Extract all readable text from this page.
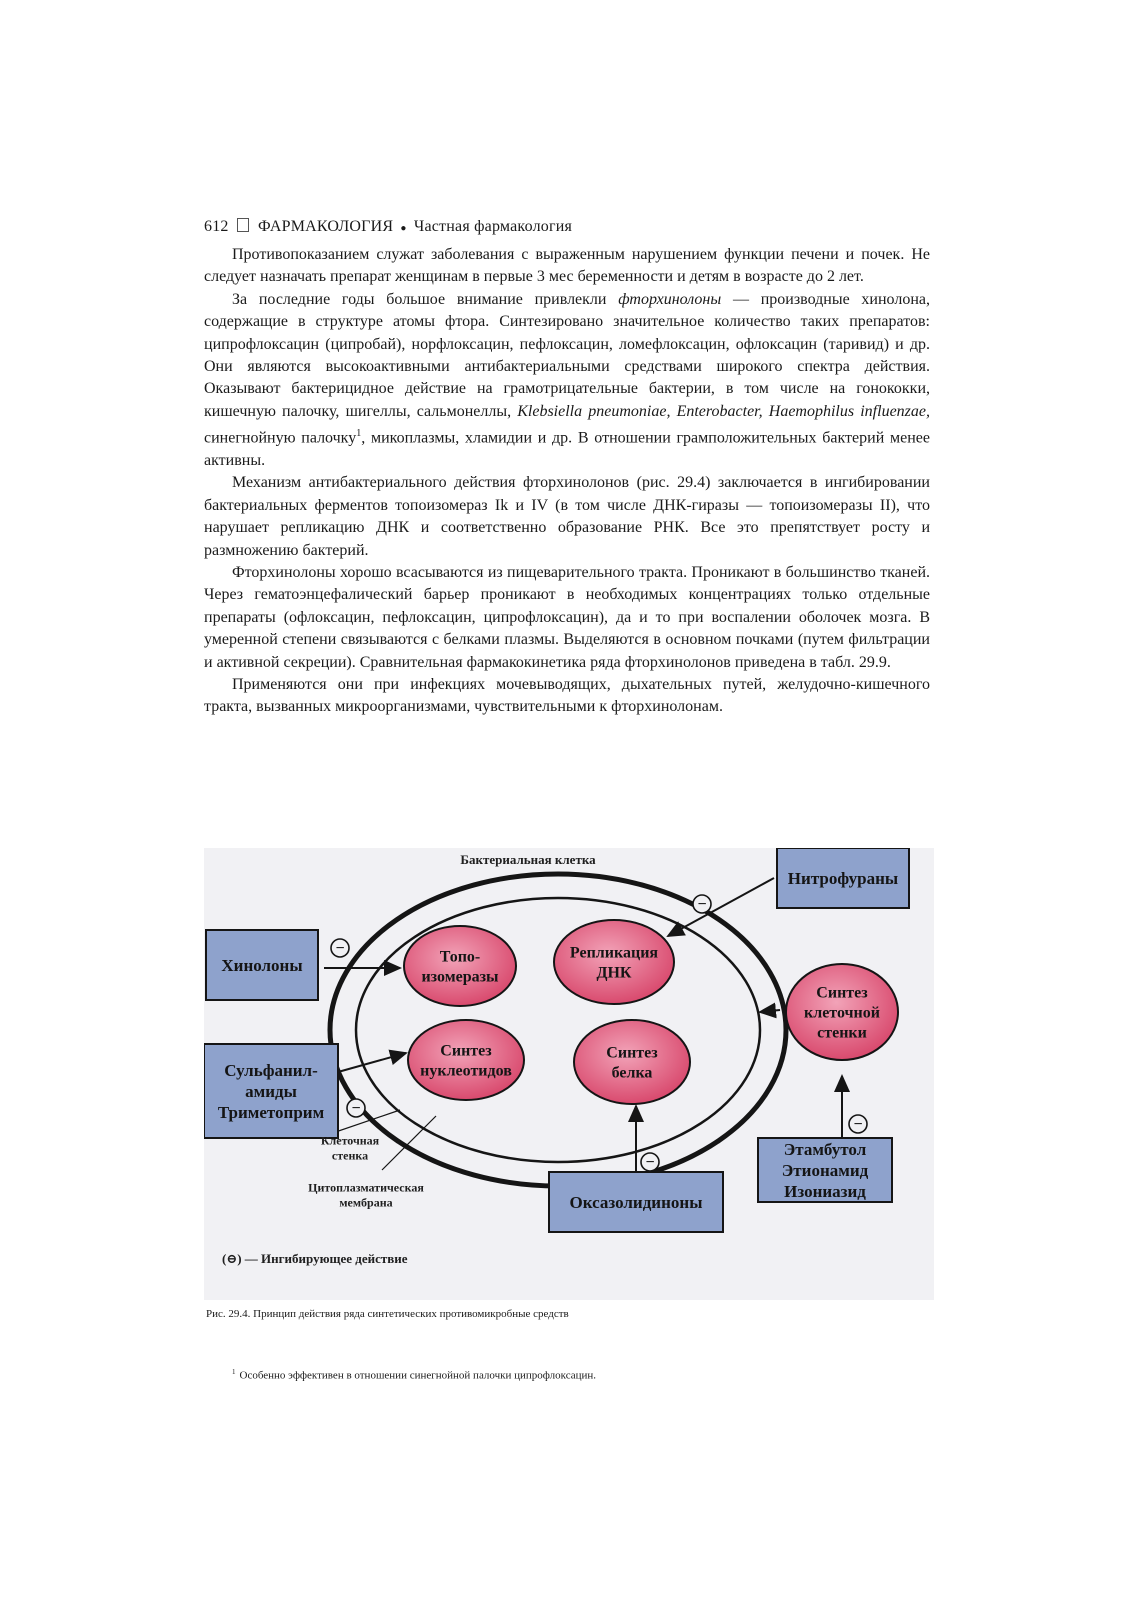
612 ФАРМАКОЛОГИЯ ● Частная фармакология

Противопоказанием служат заболевания с выраженным нарушением функции печени и почек. Не следует назначать препарат женщинам в первые 3 мес беременности и детям в возрасте до 2 лет.

За последние годы большое внимание привлекли фторхинолоны — производные хинолона, содержащие в структуре атомы фтора. Синтезировано значительное количество таких препаратов: ципрофлоксацин (ципробай), норфлоксацин, пефлоксацин, ломефлоксацин, офлоксацин (таривид) и др. Они являются высокоактивными антибактериальными средствами широкого спектра действия. Оказывают бактерицидное действие на грамотрицательные бактерии, в том числе на гонококки, кишечную палочку, шигеллы, сальмонеллы, Klebsiella pneumoniae, Enterobacter, Haemophilus influenzae, синегнойную палочку$^1$, микоплазмы, хламидии и др. В отношении грамположительных бактерий менее активны.

Механизм антибактериального действия фторхинолонов (рис. 29.4) заключается в ингибировании бактериальных ферментов топоизомераз Ik и IV (в том числе ДНК-гиразы — топоизомеразы II), что нарушает репликацию ДНК и соответственно образование РНК. Все это препятствует росту и размножению бактерий.

Фторхинолоны хорошо всасываются из пищеварительного тракта. Проникают в большинство тканей. Через гематоэнцефалический барьер проникают в необходимых концентрациях только отдельные препараты (офлоксацин, пефлоксацин, ципрофлоксацин), да и то при воспалении оболочек мозга. В умеренной степени связываются с белками плазмы. Выделяются в основном почками (путем фильтрации и активной секреции). Сравнительная фармакокинетика ряда фторхинолонов приведена в табл. 29.9.

Применяются они при инфекциях мочевыводящих, дыхательных путей, желудочно-кишечного тракта, вызванных микроорганизмами, чувствительными к фторхинолонам.

Бактериальная клетка
Хинолоны
Нитрофураны
Сульфанил-
амиды
Триметоприм
Оксазолидиноны
Этамбутол
Этионамид
Изониазид
Топо-
изомеразы
Репликация
ДНК
Синтез
нуклеотидов
Синтез
белка
Синтез
клеточной
стенки
−
−
−
−
−
Клеточная
стенка
Цитоплазматическая
мембрана
(⊖) — Ингибирующее действие
Рис. 29.4. Принцип действия ряда синтетических противомикробные средств
$^1$ Особенно эффективен в отношении синегнойной палочки ципрофлоксацин.
